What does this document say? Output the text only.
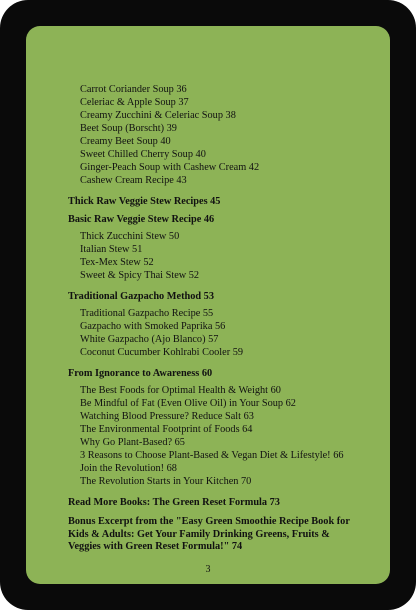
Carrot Coriander Soup 36
Celeriac & Apple Soup 37
Creamy Zucchini & Celeriac Soup 38
Beet Soup (Borscht) 39
Creamy Beet Soup 40
Sweet Chilled Cherry Soup 40
Ginger-Peach Soup with Cashew Cream 42
Cashew Cream Recipe 43
Thick Raw Veggie Stew Recipes 45
Basic Raw Veggie Stew Recipe 46
Thick Zucchini Stew 50
Italian Stew 51
Tex-Mex Stew 52
Sweet & Spicy Thai Stew 52
Traditional Gazpacho Method 53
Traditional Gazpacho Recipe 55
Gazpacho with Smoked Paprika 56
White Gazpacho (Ajo Blanco) 57
Coconut Cucumber Kohlrabi Cooler 59
From Ignorance to Awareness 60
The Best Foods for Optimal Health & Weight 60
Be Mindful of Fat (Even Olive Oil) in Your Soup 62
Watching Blood Pressure? Reduce Salt 63
The Environmental Footprint of Foods 64
Why Go Plant-Based? 65
3 Reasons to Choose Plant-Based & Vegan Diet & Lifestyle! 66
Join the Revolution! 68
The Revolution Starts in Your Kitchen 70
Read More Books: The Green Reset Formula 73
Bonus Excerpt from the "Easy Green Smoothie Recipe Book for Kids & Adults: Get Your Family Drinking Greens, Fruits & Veggies with Green Reset Formula!" 74
3
